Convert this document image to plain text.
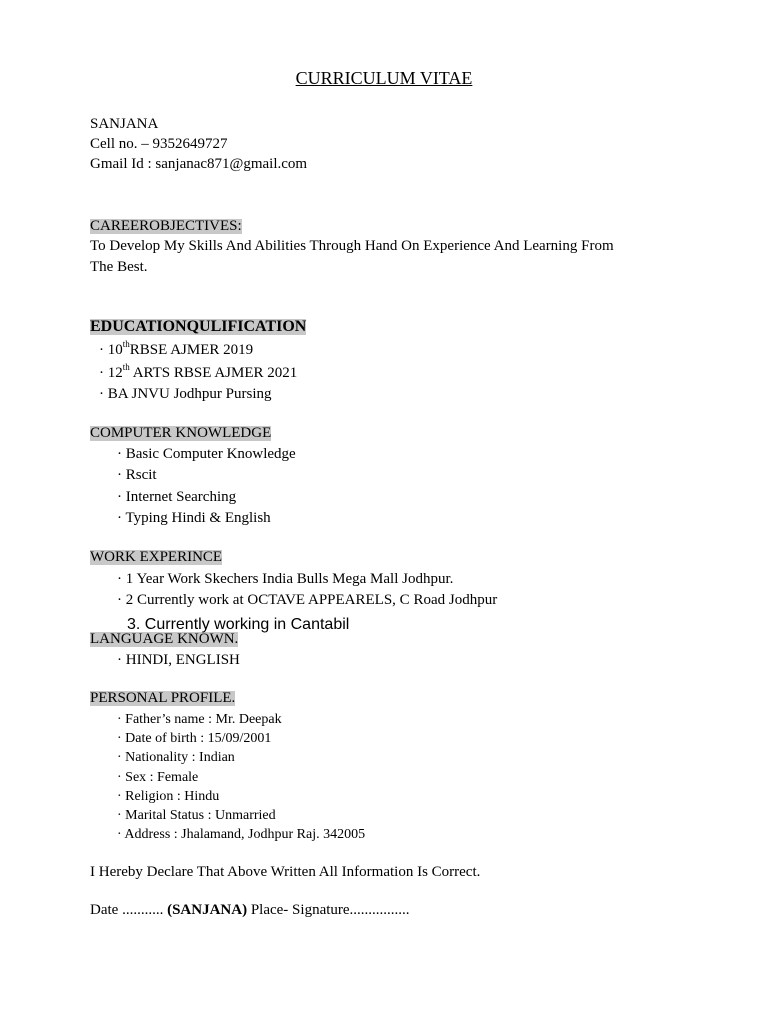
CURRICULUM VITAE
SANJANA
Cell no. – 9352649727
Gmail Id : sanjanac871@gmail.com
CAREEROBJECTIVES:
To Develop My Skills And Abilities Through Hand On Experience And Learning From
The Best.
EDUCATIONQULIFICATION
· 10thRBSE AJMER 2019
· 12th ARTS RBSE AJMER 2021
· BA JNVU Jodhpur Pursing
COMPUTER KNOWLEDGE
· Basic Computer Knowledge
· Rscit
· Internet Searching
· Typing Hindi & English
WORK EXPERINCE
· 1 Year Work Skechers India Bulls Mega Mall Jodhpur.
· 2 Currently work at OCTAVE APPEARELS, C Road Jodhpur
LANGUAGE KNOWN.
3. Currently working in Cantabil
· HINDI, ENGLISH
PERSONAL PROFILE.
· Father’s name : Mr. Deepak
· Date of birth : 15/09/2001
· Nationality : Indian
· Sex : Female
· Religion : Hindu
· Marital Status : Unmarried
· Address : Jhalamand, Jodhpur Raj. 342005
I Hereby Declare That Above Written All Information Is Correct.
Date ........... (SANJANA) Place- Signature................
